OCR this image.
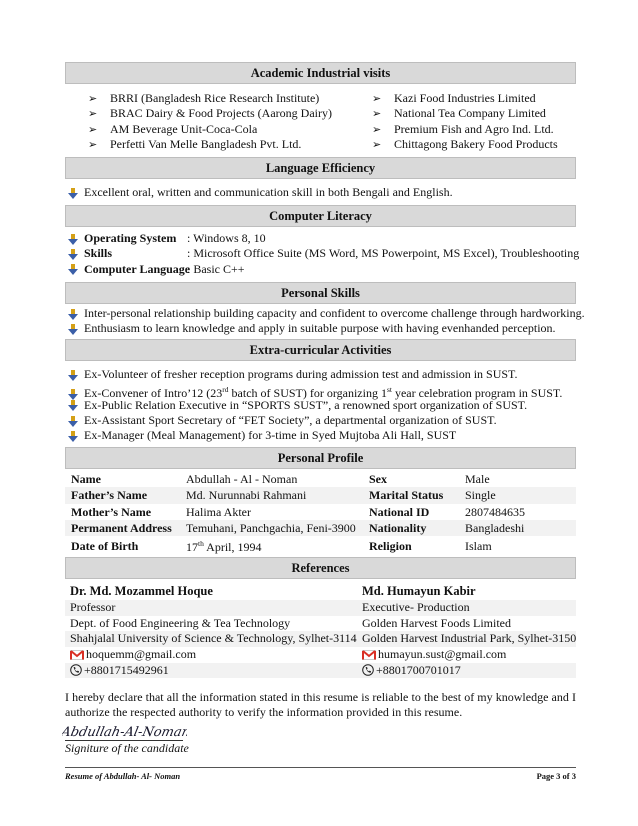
Academic Industrial visits
➢ BRRI (Bangladesh Rice Research Institute)
➢ BRAC Dairy & Food Projects (Aarong Dairy)
➢ AM Beverage Unit-Coca-Cola
➢ Perfetti Van Melle Bangladesh Pvt. Ltd.
➢ Kazi Food Industries Limited
➢ National Tea Company Limited
➢ Premium Fish and Agro Ind. Ltd.
➢ Chittagong Bakery Food Products
Language Efficiency
Excellent oral, written and communication skill in both Bengali and English.
Computer Literacy
Operating System : Windows 8, 10
Skills	: Microsoft Office Suite (MS Word, MS Powerpoint, MS Excel), Troubleshooting
Computer Language: Basic C++
Personal Skills
Inter-personal relationship building capacity and confident to overcome challenge through hardworking.
Enthusiasm to learn knowledge and apply in suitable purpose with having evenhanded perception.
Extra-curricular Activities
Ex-Volunteer of fresher reception programs during admission test and admission in SUST.
Ex-Convener of Intro’12 (23rd batch of SUST) for organizing 1st year celebration program in SUST.
Ex-Public Relation Executive in “SPORTS SUST”, a renowned sport organization of SUST.
Ex-Assistant Sport Secretary of “FET Society”, a departmental organization of SUST.
Ex-Manager (Meal Management) for 3-time in Syed Mujtoba Ali Hall, SUST
Personal Profile
Name	Abdullah - Al - Noman	Sex	Male
Father’s Name	Md. Nurunnabi Rahmani	Marital Status	Single
Mother’s Name	Halima Akter	National ID	2807484635
Permanent Address	Temuhani, Panchgachia, Feni-3900	Nationality	Bangladeshi
Date of Birth	17th April, 1994	Religion	Islam
References
Dr. Md. Mozammel Hoque	Md. Humayun Kabir
Professor	Executive- Production
Dept. of Food Engineering & Tea Technology	Golden Harvest Foods Limited
Shahjalal University of Science & Technology, Sylhet-3114 Golden Harvest Industrial Park, Sylhet-3150
hoquemm@gmail.com	humayun.sust@gmail.com
+8801715492961	+8801700701017

I hereby declare that all the information stated in this resume is reliable to the best of my knowledge and I authorize the respected authority to verify the information provided in this resume.

Abdullah-Al-Noman
Signiture of the candidate
Resume of Abdullah- Al- Noman	Page 3 of 3
